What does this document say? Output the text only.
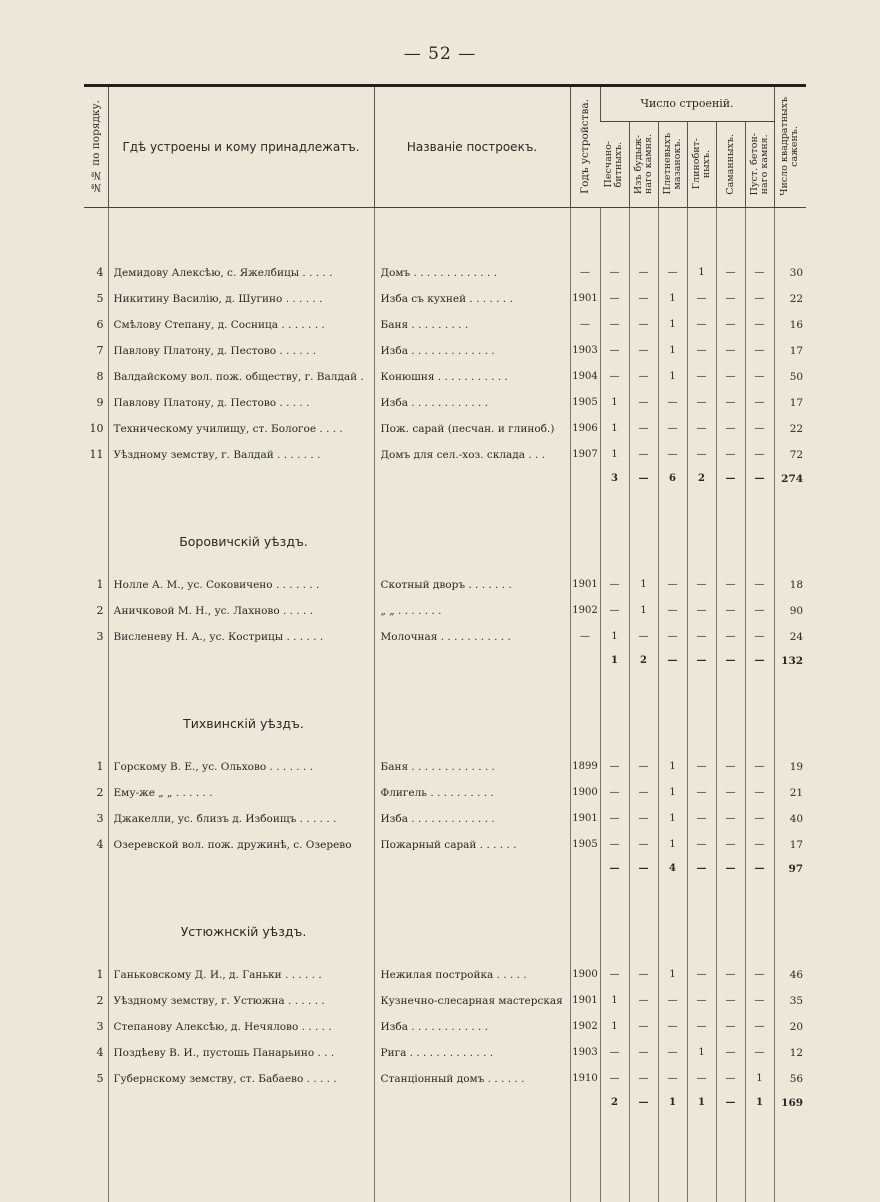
— 52 —
№№ по порядку.	Гдѣ устроены и кому принадлежатъ.	Названіе построекъ.	Годъ устройства.	Число строеній.						Число квадратныхъ
саженъ.

				Песчано-
битныхъ.	Изъ будыж-
наго камня.	Плетневыхъ
мазанокъ.	Глинобит-
ныхъ.	Саманныхъ.	Пуст. бетон-
наго камня.	

4	Демидову Алексѣю, с. Яжелбицы . . . . .	Домъ . . . . . . . . . . . . .	—	—	—	—	1	—	—	30
5	Никитину Василію, д. Шугино . . . . . .	Изба съ кухней . . . . . . .	1901	—	—	1	—	—	—	22
6	Смѣлову Степану, д. Сосница . . . . . . .	Баня . . . . . . . . .	—	—	—	1	—	—	—	16
7	Павлову Платону, д. Пестово . . . . . .	Изба . . . . . . . . . . . . .	1903	—	—	1	—	—	—	17
8	Валдайскому вол. пож. обществу, г. Валдай .	Конюшня . . . . . . . . . . .	1904	—	—	1	—	—	—	50
9	Павлову Платону, д. Пестово . . . . .	Изба . . . . . . . . . . . .	1905	1	—	—	—	—	—	17
10	Техническому училищу, ст. Бологое . . . .	Пож. сарай (песчан. и глиноб.)	1906	1	—	—	—	—	—	22
11	Уѣздному земству, г. Валдай . . . . . . .	Домъ для сел.-хоз. склада . . .	1907	1	—	—	—	—	—	72
				3	—	6	2	—	—	274
	Боровичскій уѣздъ.									
1	Нолле А. М., ус. Соковичено . . . . . . .	Скотный дворъ . . . . . . .	1901	—	1	—	—	—	—	18
2	Аничковой М. Н., ус. Лахново . . . . .	„ „ . . . . . . .	1902	—	1	—	—	—	—	90
3	Висленеву Н. А., ус. Кострицы . . . . . .	Молочная . . . . . . . . . . .	—	1	—	—	—	—	—	24
				1	2	—	—	—	—	132
	Тихвинскій уѣздъ.									
1	Горскому В. Е., ус. Ольхово . . . . . . .	Баня . . . . . . . . . . . . .	1899	—	—	1	—	—	—	19
2	Ему-же „ „ . . . . . .	Флигель . . . . . . . . . .	1900	—	—	1	—	—	—	21
3	Джакелли, ус. близъ д. Избоищъ . . . . . .	Изба . . . . . . . . . . . . .	1901	—	—	1	—	—	—	40
4	Озеревской вол. пож. дружинѣ, с. Озерево	Пожарный сарай . . . . . .	1905	—	—	1	—	—	—	17
				—	—	4	—	—	—	97
	Устюжнскій уѣздъ.									
1	Ганьковскому Д. И., д. Ганьки . . . . . .	Нежилая постройка . . . . .	1900	—	—	1	—	—	—	46
2	Уѣздному земству, г. Устюжна . . . . . .	Кузнечно-слесарная мастерская	1901	1	—	—	—	—	—	35
3	Степанову Алексѣю, д. Нечялово . . . . .	Изба . . . . . . . . . . . .	1902	1	—	—	—	—	—	20
4	Поздѣеву В. И., пустошь Панарьино . . .	Рига . . . . . . . . . . . . .	1903	—	—	—	1	—	—	12
5	Губернскому земству, ст. Бабаево . . . . .	Станціонный домъ . . . . . .	1910	—	—	—	—	—	1	56
				2	—	1	1	—	1	169
